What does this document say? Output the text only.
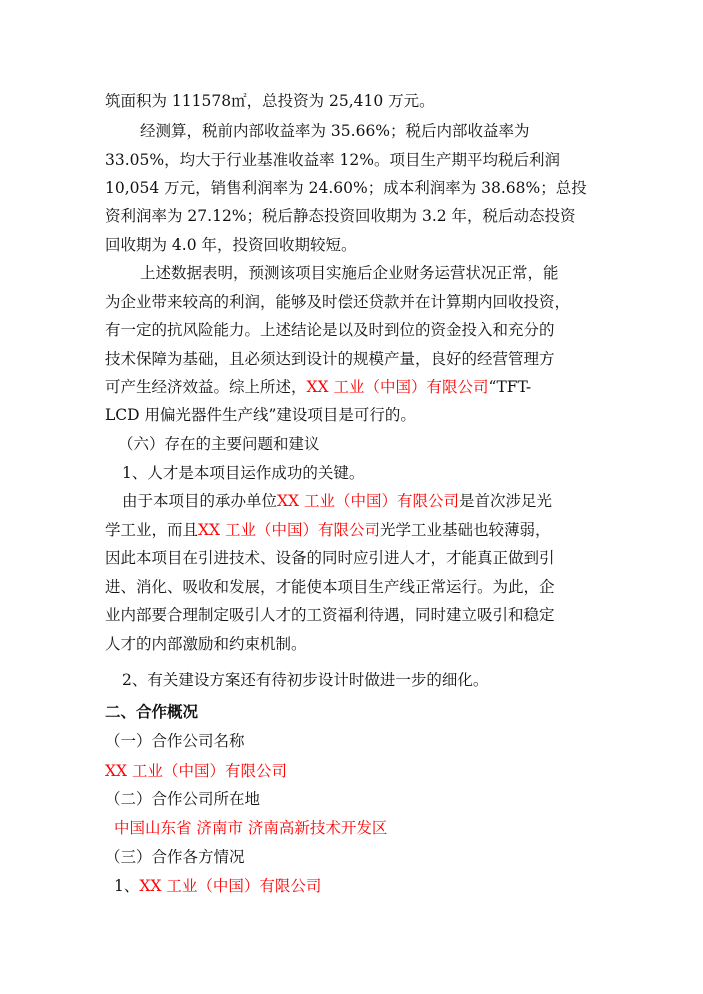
筑面积为 111578㎡，总投资为 25,410 万元。
经测算，税前内部收益率为 35.66%；税后内部收益率为
33.05%，均大于行业基准收益率 12%。项目生产期平均税后利润
10,054 万元，销售利润率为 24.60%；成本利润率为 38.68%；总投
资利润率为 27.12%；税后静态投资回收期为 3.2 年，税后动态投资
回收期为 4.0 年，投资回收期较短。
上述数据表明，预测该项目实施后企业财务运营状况正常，能
为企业带来较高的利润，能够及时偿还贷款并在计算期内回收投资，
有一定的抗风险能力。上述结论是以及时到位的资金投入和充分的
技术保障为基础，且必须达到设计的规模产量，良好的经营管理方
可产生经济效益。综上所述，XX 工业（中国）有限公司“TFT-
LCD 用偏光器件生产线”建设项目是可行的。
（六）存在的主要问题和建议
1、人才是本项目运作成功的关键。
由于本项目的承办单位XX 工业（中国）有限公司是首次涉足光
学工业，而且XX 工业（中国）有限公司光学工业基础也较薄弱，
因此本项目在引进技术、设备的同时应引进人才，才能真正做到引
进、消化、吸收和发展，才能使本项目生产线正常运行。为此，企
业内部要合理制定吸引人才的工资福利待遇，同时建立吸引和稳定
人才的内部激励和约束机制。
2、有关建设方案还有待初步设计时做进一步的细化。
二、合作概况
（一）合作公司名称
XX 工业（中国）有限公司
（二）合作公司所在地
中国山东省 济南市 济南高新技术开发区
（三）合作各方情况
1、XX 工业（中国）有限公司
